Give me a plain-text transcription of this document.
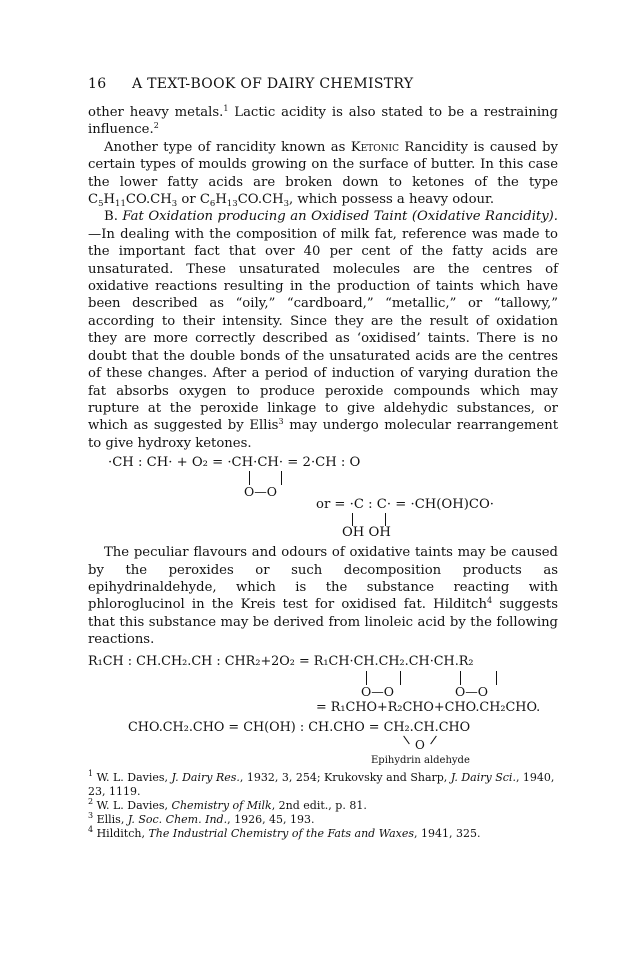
16	A TEXT-BOOK OF DAIRY CHEMISTRY

other heavy metals.$^1$ Lactic acidity is also stated to be a restraining influence.$^2$

Another type of rancidity known as Ketonic Rancidity is caused by certain types of moulds growing on the surface of butter. In this case the lower fatty acids are broken down to ketones of the type $C_5H_{11}CO.CH_3$ or $C_6H_{13}CO.CH_3$, which possess a heavy odour.

B. Fat Oxidation producing an Oxidised Taint (Oxidative Rancidity).—In dealing with the composition of milk fat, reference was made to the important fact that over 40 per cent of the fatty acids are unsaturated. These unsaturated molecules are the centres of oxidative reactions resulting in the production of taints which have been described as “oily,” “cardboard,” “metallic,” or “tallowy,” according to their intensity. Since they are the result of oxidation they are more correctly described as ‘oxidised’ taints. There is no doubt that the double bonds of the unsaturated acids are the centres of these changes. After a period of induction of varying duration the fat absorbs oxygen to produce peroxide compounds which may rupture at the peroxide linkage to give aldehydic substances, or which as suggested by Ellis$^3$ may undergo molecular rearrangement to give hydroxy ketones.

·CH : CH· + O₂ = ·CH·CH· = 2·CH : O
O—O
or = ·C : C· = ·CH(OH)CO·
OH OH

The peculiar flavours and odours of oxidative taints may be caused by the peroxides or such decomposition products as epihydrinaldehyde, which is the substance reacting with phloroglucinol in the Kreis test for oxidised fat. Hilditch$^4$ suggests that this substance may be derived from linoleic acid by the following reactions.

R₁CH : CH.CH₂.CH : CHR₂+2O₂ = R₁CH·CH.CH₂.CH·CH.R₂
O—O	O—O
= R₁CHO+R₂CHO+CHO.CH₂CHO.
CHO.CH₂.CHO = CH(OH) : CH.CHO = CH₂.CH.CHO
O
Epihydrin aldehyde
$^1$ W. L. Davies, J. Dairy Res., 1932, 3, 254; Krukovsky and Sharp, J. Dairy Sci., 1940, 23, 1119.
$^2$ W. L. Davies, Chemistry of Milk, 2nd edit., p. 81.
$^3$ Ellis, J. Soc. Chem. Ind., 1926, 45, 193.
$^4$ Hilditch, The Industrial Chemistry of the Fats and Waxes, 1941, 325.
